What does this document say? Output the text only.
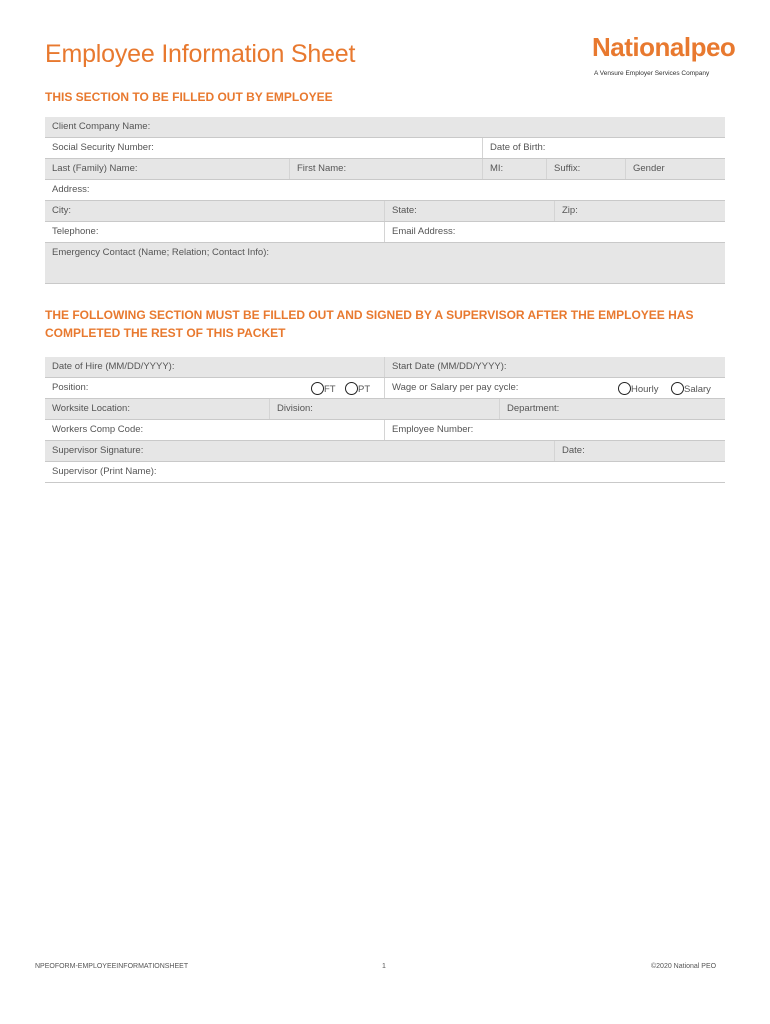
Employee Information Sheet	Nationalpeo
A Vensure Employer Services Company
THIS SECTION TO BE FILLED OUT BY EMPLOYEE
Client Company Name:
Social Security Number:	Date of Birth:
Last (Family) Name:	First Name:	MI:	Suffix:	Gender
Address:
City:	State:	Zip:
Telephone:	Email Address:
Emergency Contact (Name; Relation; Contact Info):
THE FOLLOWING SECTION MUST BE FILLED OUT AND SIGNED BY A SUPERVISOR AFTER THE EMPLOYEE HAS
COMPLETED THE REST OF THIS PACKET
Date of Hire (MM/DD/YYYY):	Start Date (MM/DD/YYYY):
Position:	FT	PT	Wage or Salary per pay cycle:	Hourly	Salary
Worksite Location:	Division:	Department:
Workers Comp Code:	Employee Number:
Supervisor Signature:	Date:
Supervisor (Print Name):
NPEOFORM-EMPLOYEEINFORMATIONSHEET	1	©2020 National PEO
